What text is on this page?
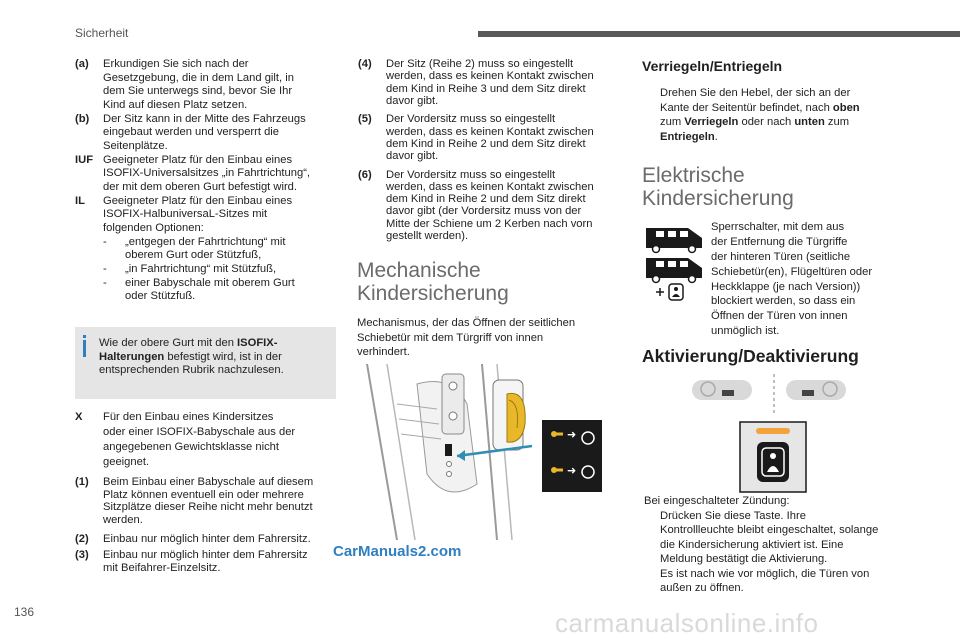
Sicherheit
(a)	Erkundigen Sie sich nach der
Gesetzgebung, die in dem Land gilt, in
dem Sie unterwegs sind, bevor Sie Ihr
Kind auf diesen Platz setzen.
(b)	Der Sitz kann in der Mitte des Fahrzeugs
eingebaut werden und versperrt die
Seitenplätze.
IUF Geeigneter Platz für den Einbau eines
ISOFIX-Universalsitzes „in Fahrtrichtung“,
der mit dem oberen Gurt befestigt wird.
IL	Geeigneter Platz für den Einbau eines
ISOFIX-HalbuniversaL-Sitzes mit
folgenden Optionen:
-	„entgegen der Fahrtrichtung“ mit
oberem Gurt oder Stützfuß,
-	„in Fahrtrichtung“ mit Stützfuß,
-	einer Babyschale mit oberem Gurt
oder Stützfuß.
Wie der obere Gurt mit den ISOFIX-
Halterungen befestigt wird, ist in der
entsprechenden Rubrik nachzulesen.
X	Für den Einbau eines Kindersitzes
oder einer ISOFIX-Babyschale aus der
angegebenen Gewichtsklasse nicht
geeignet.
(1)	Beim Einbau einer Babyschale auf diesem
Platz können eventuell ein oder mehrere
Sitzplätze dieser Reihe nicht mehr benutzt
werden.
(2)	Einbau nur möglich hinter dem Fahrersitz.
(3)	Einbau nur möglich hinter dem Fahrersitz
mit Beifahrer-Einzelsitz.
(4)	Der Sitz (Reihe 2) muss so eingestellt
werden, dass es keinen Kontakt zwischen
dem Kind in Reihe 3 und dem Sitz direkt
davor gibt.
(5)	Der Vordersitz muss so eingestellt
werden, dass es keinen Kontakt zwischen
dem Kind in Reihe 2 und dem Sitz direkt
davor gibt.
(6)	Der Vordersitz muss so eingestellt
werden, dass es keinen Kontakt zwischen
dem Kind in Reihe 2 und dem Sitz direkt
davor gibt (der Vordersitz muss von der
Mitte der Schiene um 2 Kerben nach vorn
gestellt werden).
Mechanische
Kindersicherung
Mechanismus, der das Öffnen der seitlichen
Schiebetür mit dem Türgriff von innen
verhindert.
➜
➜
Verriegeln/Entriegeln
Drehen Sie den Hebel, der sich an der
Kante der Seitentür befindet, nach oben
zum Verriegeln oder nach unten zum
Entriegeln.
Elektrische
Kindersicherung
Sperrschalter, mit dem aus
der Entfernung die Türgriffe
der hinteren Türen (seitliche
Schiebetür(en), Flügeltüren oder
Heckklappe (je nach Version))
blockiert werden, so dass ein
Öffnen der Türen von innen
unmöglich ist.
Aktivierung/Deaktivierung
Bei eingeschalteter Zündung:
Drücken Sie diese Taste. Ihre
Kontrollleuchte bleibt eingeschaltet, solange
die Kindersicherung aktiviert ist. Eine
Meldung bestätigt die Aktivierung.
Es ist nach wie vor möglich, die Türen von
außen zu öffnen.
CarManuals2.com
136	carmanualsonline.info
